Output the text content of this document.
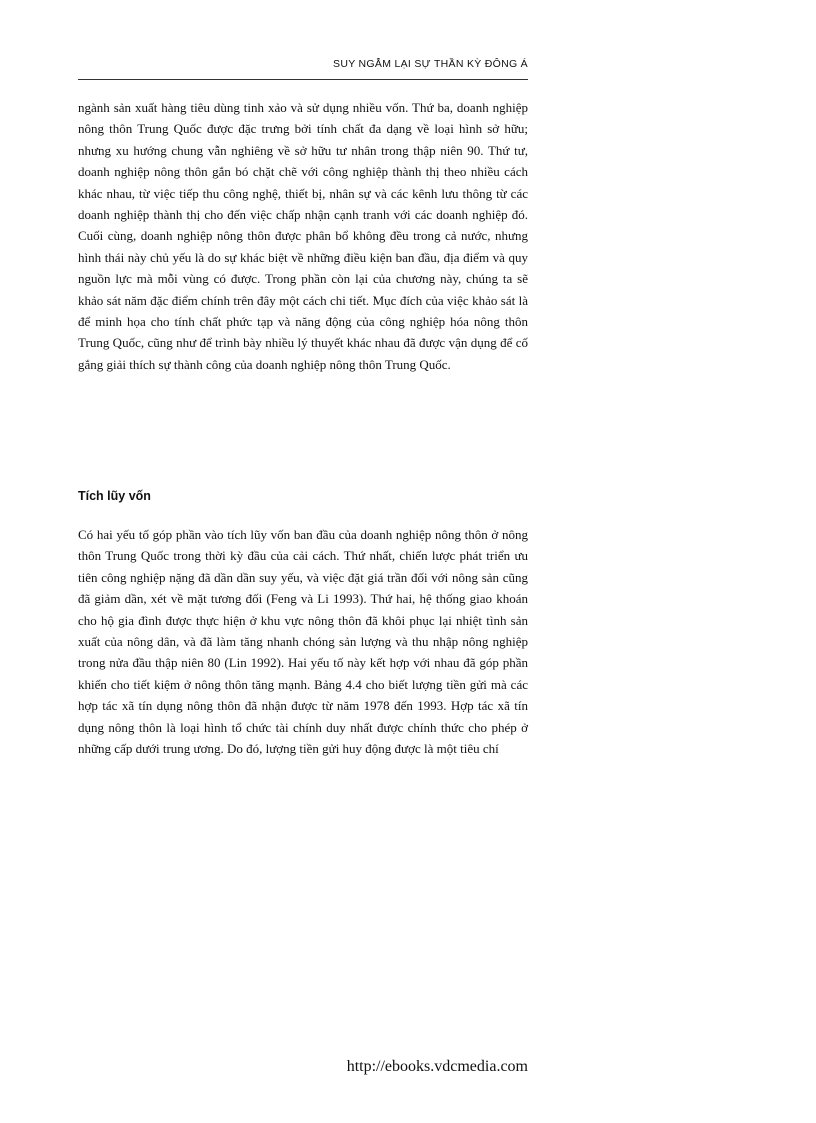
SUY NGẪM LẠI SỰ THẦN KỲ ĐÔNG Á

ngành sản xuất hàng tiêu dùng tinh xảo và sử dụng nhiều vốn. Thứ ba, doanh nghiệp nông thôn Trung Quốc được đặc trưng bởi tính chất đa dạng về loại hình sở hữu; nhưng xu hướng chung vẫn nghiêng về sở hữu tư nhân trong thập niên 90. Thứ tư, doanh nghiệp nông thôn gắn bó chặt chẽ với công nghiệp thành thị theo nhiều cách khác nhau, từ việc tiếp thu công nghệ, thiết bị, nhân sự và các kênh lưu thông từ các doanh nghiệp thành thị cho đến việc chấp nhận cạnh tranh với các doanh nghiệp đó. Cuối cùng, doanh nghiệp nông thôn được phân bổ không đều trong cả nước, nhưng hình thái này chủ yếu là do sự khác biệt về những điều kiện ban đầu, địa điểm và quy nguồn lực mà mỗi vùng có được. Trong phần còn lại của chương này, chúng ta sẽ khảo sát năm đặc điểm chính trên đây một cách chi tiết. Mục đích của việc khảo sát là để minh họa cho tính chất phức tạp và năng động của công nghiệp hóa nông thôn Trung Quốc, cũng như để trình bày nhiều lý thuyết khác nhau đã được vận dụng để cố gắng giải thích sự thành công của doanh nghiệp nông thôn Trung Quốc.

Tích lũy vốn

Có hai yếu tố góp phần vào tích lũy vốn ban đầu của doanh nghiệp nông thôn ở nông thôn Trung Quốc trong thời kỳ đầu của cải cách. Thứ nhất, chiến lược phát triển ưu tiên công nghiệp nặng đã dần dần suy yếu, và việc đặt giá trần đối với nông sản cũng đã giảm dần, xét về mặt tương đối (Feng và Li 1993). Thứ hai, hệ thống giao khoán cho hộ gia đình được thực hiện ở khu vực nông thôn đã khôi phục lại nhiệt tình sản xuất của nông dân, và đã làm tăng nhanh chóng sản lượng và thu nhập nông nghiệp trong nửa đầu thập niên 80 (Lin 1992). Hai yếu tố này kết hợp với nhau đã góp phần khiến cho tiết kiệm ở nông thôn tăng mạnh. Bảng 4.4 cho biết lượng tiền gửi mà các hợp tác xã tín dụng nông thôn đã nhận được từ năm 1978 đến 1993. Hợp tác xã tín dụng nông thôn là loại hình tổ chức tài chính duy nhất được chính thức cho phép ở những cấp dưới trung ương. Do đó, lượng tiền gửi huy động được là một tiêu chí

http://ebooks.vdcmedia.com
